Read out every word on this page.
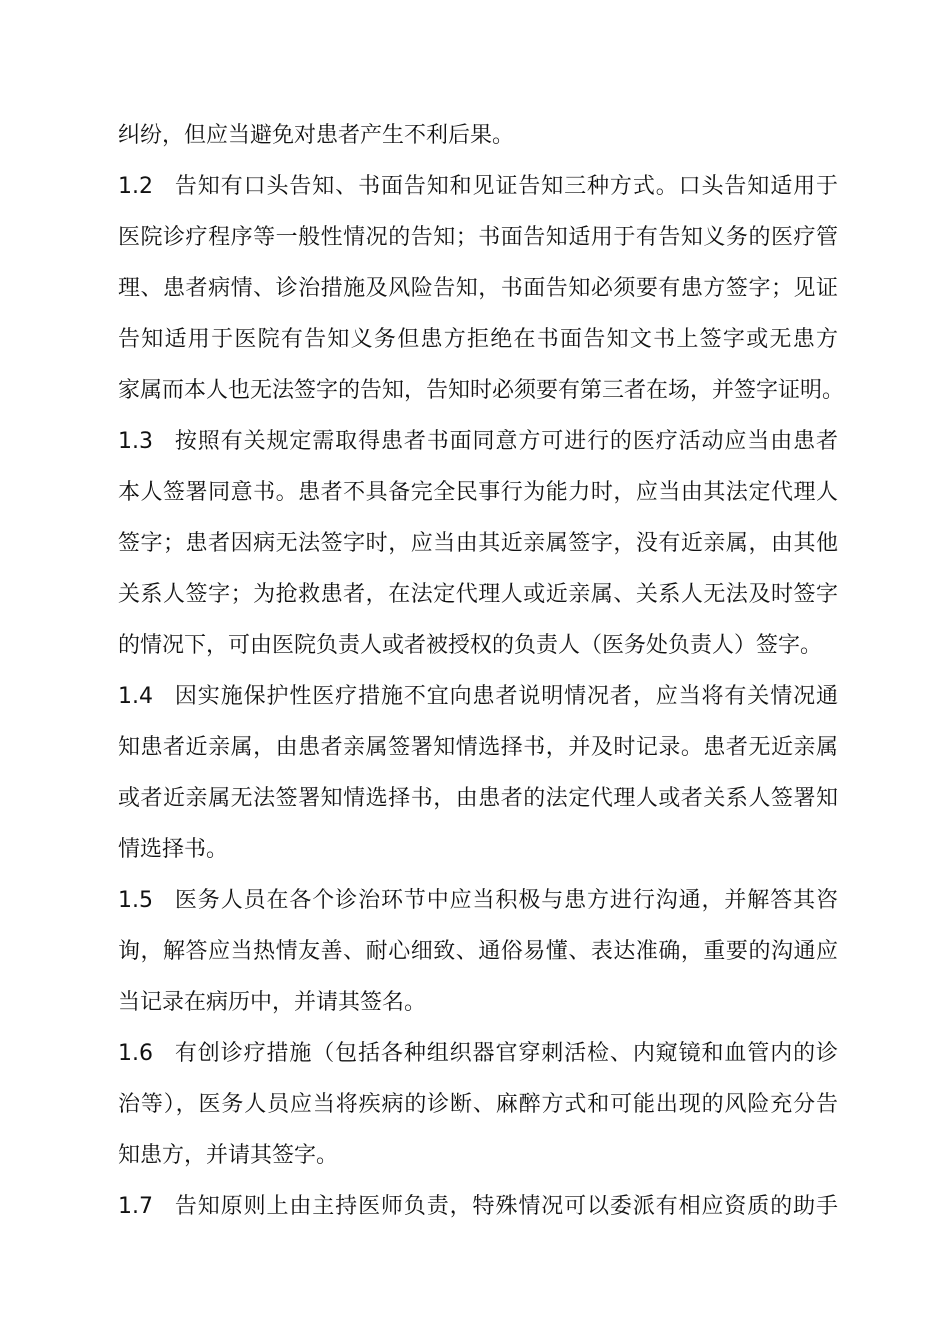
纠纷，但应当避免对患者产生不利后果。
1.2 告知有口头告知、书面告知和见证告知三种方式。口头告知适用于
医院诊疗程序等一般性情况的告知；书面告知适用于有告知义务的医疗管
理、患者病情、诊治措施及风险告知，书面告知必须要有患方签字；见证
告知适用于医院有告知义务但患方拒绝在书面告知文书上签字或无患方
家属而本人也无法签字的告知，告知时必须要有第三者在场，并签字证明。
1.3 按照有关规定需取得患者书面同意方可进行的医疗活动应当由患者
本人签署同意书。患者不具备完全民事行为能力时，应当由其法定代理人
签字；患者因病无法签字时，应当由其近亲属签字，没有近亲属，由其他
关系人签字；为抢救患者，在法定代理人或近亲属、关系人无法及时签字
的情况下，可由医院负责人或者被授权的负责人（医务处负责人）签字。
1.4 因实施保护性医疗措施不宜向患者说明情况者，应当将有关情况通
知患者近亲属，由患者亲属签署知情选择书，并及时记录。患者无近亲属
或者近亲属无法签署知情选择书，由患者的法定代理人或者关系人签署知
情选择书。
1.5 医务人员在各个诊治环节中应当积极与患方进行沟通，并解答其咨
询，解答应当热情友善、耐心细致、通俗易懂、表达准确，重要的沟通应
当记录在病历中，并请其签名。
1.6 有创诊疗措施（包括各种组织器官穿刺活检、内窥镜和血管内的诊
治等），医务人员应当将疾病的诊断、麻醉方式和可能出现的风险充分告
知患方，并请其签字。
1.7 告知原则上由主持医师负责，特殊情况可以委派有相应资质的助手
